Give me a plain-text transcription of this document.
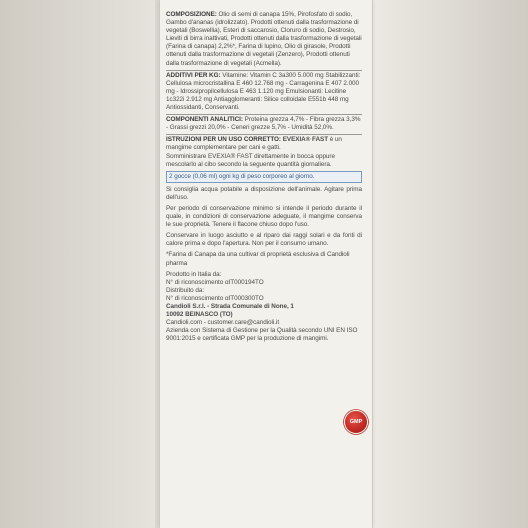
COMPOSIZIONE: Olio di semi di canapa 15%, Pirofosfato di sodio, Gambo d'ananas (idrolizzato). Prodotti ottenuti dalla trasformazione di vegetali (Boswellia), Esteri di saccarosio, Cloruro di sodio, Destrosio, Lieviti di birra inattivati, Prodotti ottenuti dalla trasformazione di vegetali (Farina di canapa) 2,2%*, Farina di lupino, Olio di girasole, Prodotti ottenuti dalla trasformazione di vegetali (Zenzero), Prodotti ottenuti dalla trasformazione di vegetali (Acmella).

ADDITIVI PER KG: Vitamine: Vitamin C 3a300 5.000 mg Stabilizzanti: Cellulosa microcristallina E 460 12.768 mg - Carragenina E 407 2.000 mg - Idrossipropilcellulosa E 463 1.120 mg Emulsionanti: Lecitine 1c322i 2.912 mg Antiagglomeranti: Silice colloidale E551b 448 mg Antiossidanti, Conservanti.

COMPONENTI ANALITICI: Proteina grezza 4,7% - Fibra grezza 3,3% - Grassi grezzi 20,0% - Ceneri grezze 5,7% - Umidità 52,0%.

ISTRUZIONI PER UN USO CORRETTO: EVEXIA® FAST è un mangime complementare per cani e gatti.

Somministrare EVEXIA® FAST direttamente in bocca oppure mescolarlo al cibo secondo la seguente quantità giornaliera.

2 gocce (0,06 ml) ogni kg di peso corporeo al giorno.

Si consiglia acqua potabile a disposizione dell'animale. Agitare prima dell'uso.

Per periodo di conservazione minimo si intende il periodo durante il quale, in condizioni di conservazione adeguate, il mangime conserva le sue proprietà. Tenere il flacone chiuso dopo l'uso.

Conservare in luogo asciutto e al riparo dai raggi solari e da fonti di calore prima e dopo l'apertura. Non per il consumo umano.

*Farina di Canapa da una cultivar di proprietà esclusiva di Candioli pharma

Prodotto in Italia da:

N° di riconoscimento αIT000194TO

Distribuito da:

N° di riconoscimento αIT000300TO

Candioli S.r.l. - Strada Comunale di None, 1

10092 BEINASCO (TO)

Candioli.com - customer.care@candioli.it

Azienda con Sistema di Gestione per la Qualità secondo UNI EN ISO 9001:2015 e certificata GMP per la produzione di mangimi.

GMP
